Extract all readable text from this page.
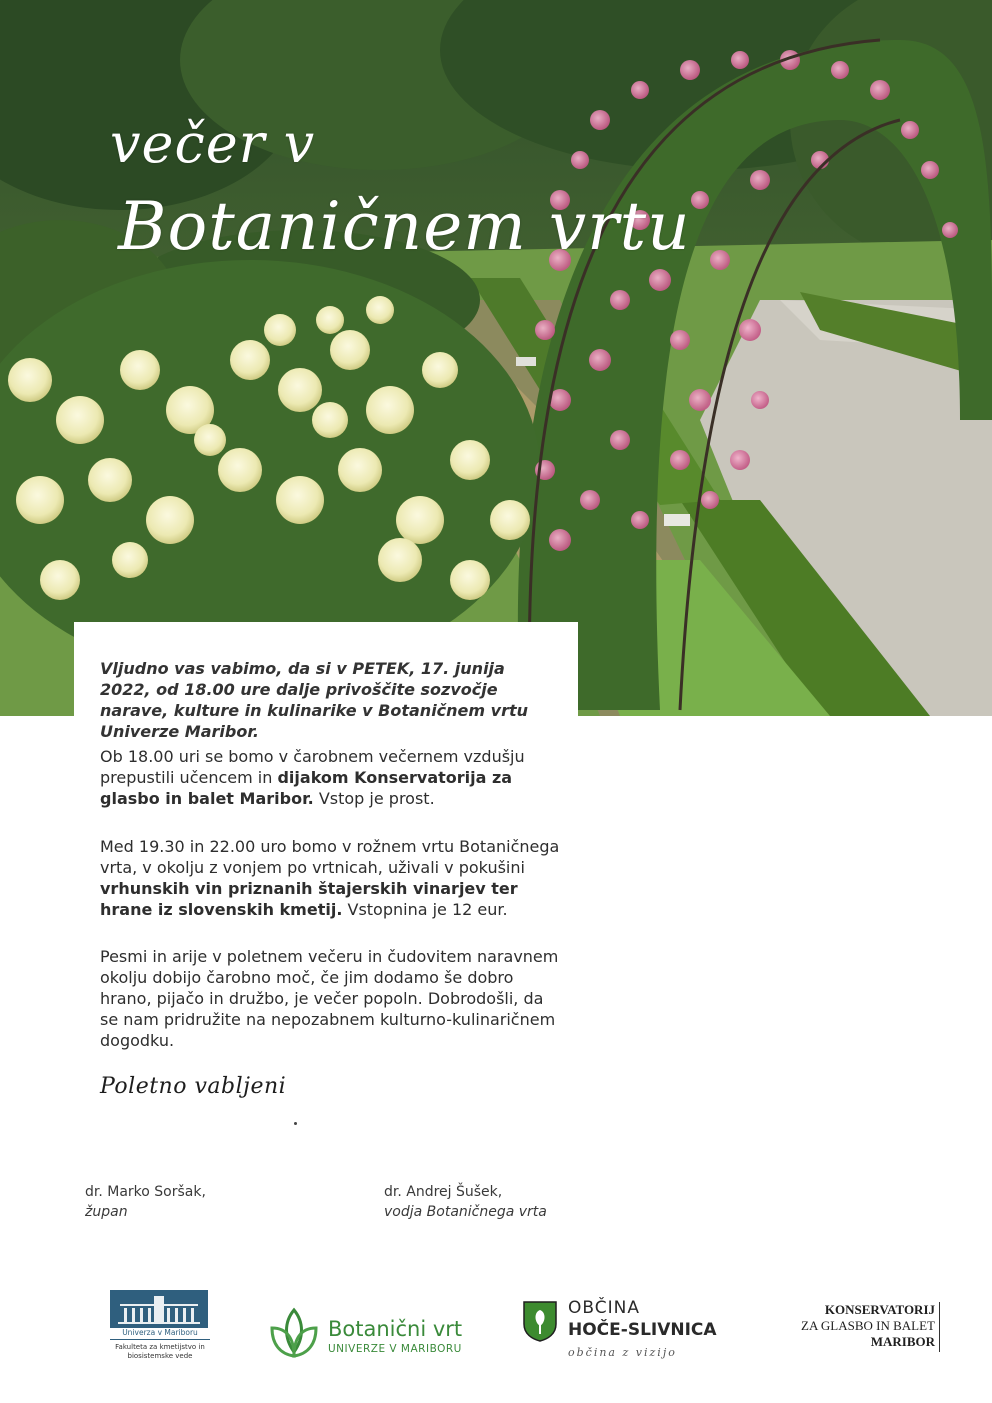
večer v
Botaničnem vrtu

Vljudno vas vabimo, da si v PETEK, 17. junija 2022, od 18.00 ure dalje privoščite sozvočje narave, kulture in kulinarike v Botaničnem vrtu Univerze Maribor.

Ob 18.00 uri se bomo v čarobnem večernem vzdušju prepustili učencem in dijakom Konservatorija za glasbo in balet Maribor. Vstop je prost.

Med 19.30 in 22.00 uro bomo v rožnem vrtu Botaničnega vrta, v okolju z vonjem po vrtnicah, uživali v pokušini vrhunskih vin priznanih štajerskih vinarjev ter hrane iz slovenskih kmetij. Vstopnina je 12 eur.

Pesmi in arije v poletnem večeru in čudovitem naravnem okolju dobijo čarobno moč, če jim dodamo še dobro hrano, pijačo in družbo, je večer popoln. Dobrodošli, da se nam pridružite na nepozabnem kulturno-kulinaričnem dogodku.

Poletno vabljeni
dr. Marko Soršak,
župan
dr. Andrej Šušek,
vodja Botaničnega vrta
Univerza v Mariboru
Fakulteta za kmetijstvo in biosistemske vede
Botanični vrt
UNIVERZE V MARIBORU
OBČINA
HOČE-SLIVNICA
občina z vizijo
KONSERVATORIJ
ZA GLASBO IN BALET
MARIBOR
